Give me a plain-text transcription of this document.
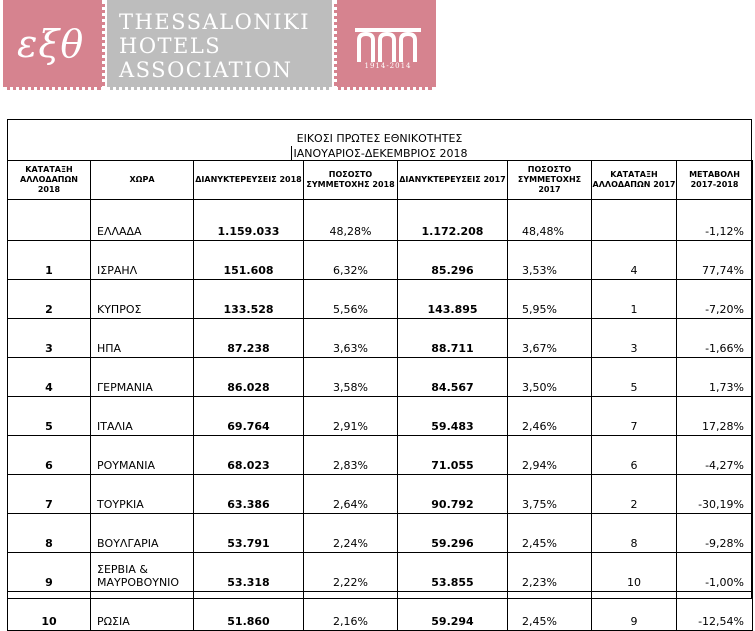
εξθ THESSALONIKI
HOTELS
ASSOCIATION	1914-2014
ΕΙΚΟΣΙ ΠΡΩΤΕΣ ΕΘΝΙΚΟΤΗΤΕΣ
ΙΑΝΟΥΑΡΙΟΣ-ΔΕΚΕΜΒΡΙΟΣ 2018
ΚΑΤΑΤΑΞΗ ΑΛΛΟΔΑΠΩΝ 2018	ΧΩΡΑ	ΔΙΑΝΥΚΤΕΡΕΥΣΕΙΣ 2018	ΠΟΣΟΣΤΟ ΣΥΜΜΕΤΟΧΗΣ 2018	ΔΙΑΝΥΚΤΕΡΕΥΣΕΙΣ 2017	ΠΟΣΟΣΤΟ ΣΥΜΜΕΤΟΧΗΣ 2017	ΚΑΤΑΤΑΞΗ ΑΛΛΟΔΑΠΩΝ 2017	ΜΕΤΑΒΟΛΗ 2017-2018
	ΕΛΛΑΔΑ	1.159.033	48,28%	1.172.208	48,48%		-1,12%
1	ΙΣΡΑΗΛ	151.608	6,32%	85.296	3,53%	4	77,74%
2	ΚΥΠΡΟΣ	133.528	5,56%	143.895	5,95%	1	-7,20%
3	ΗΠΑ	87.238	3,63%	88.711	3,67%	3	-1,66%
4	ΓΕΡΜΑΝΙΑ	86.028	3,58%	84.567	3,50%	5	1,73%
5	ΙΤΑΛΙΑ	69.764	2,91%	59.483	2,46%	7	17,28%
6	ΡΟΥΜΑΝΙΑ	68.023	2,83%	71.055	2,94%	6	-4,27%
7	ΤΟΥΡΚΙΑ	63.386	2,64%	90.792	3,75%	2	-30,19%
8	ΒΟΥΛΓΑΡΙΑ	53.791	2,24%	59.296	2,45%	8	-9,28%
9	ΣΕΡΒΙΑ & ΜΑΥΡΟΒΟΥΝΙΟ	53.318	2,22%	53.855	2,23%	10	-1,00%
10	ΡΩΣΙΑ	51.860	2,16%	59.294	2,45%	9	-12,54%
